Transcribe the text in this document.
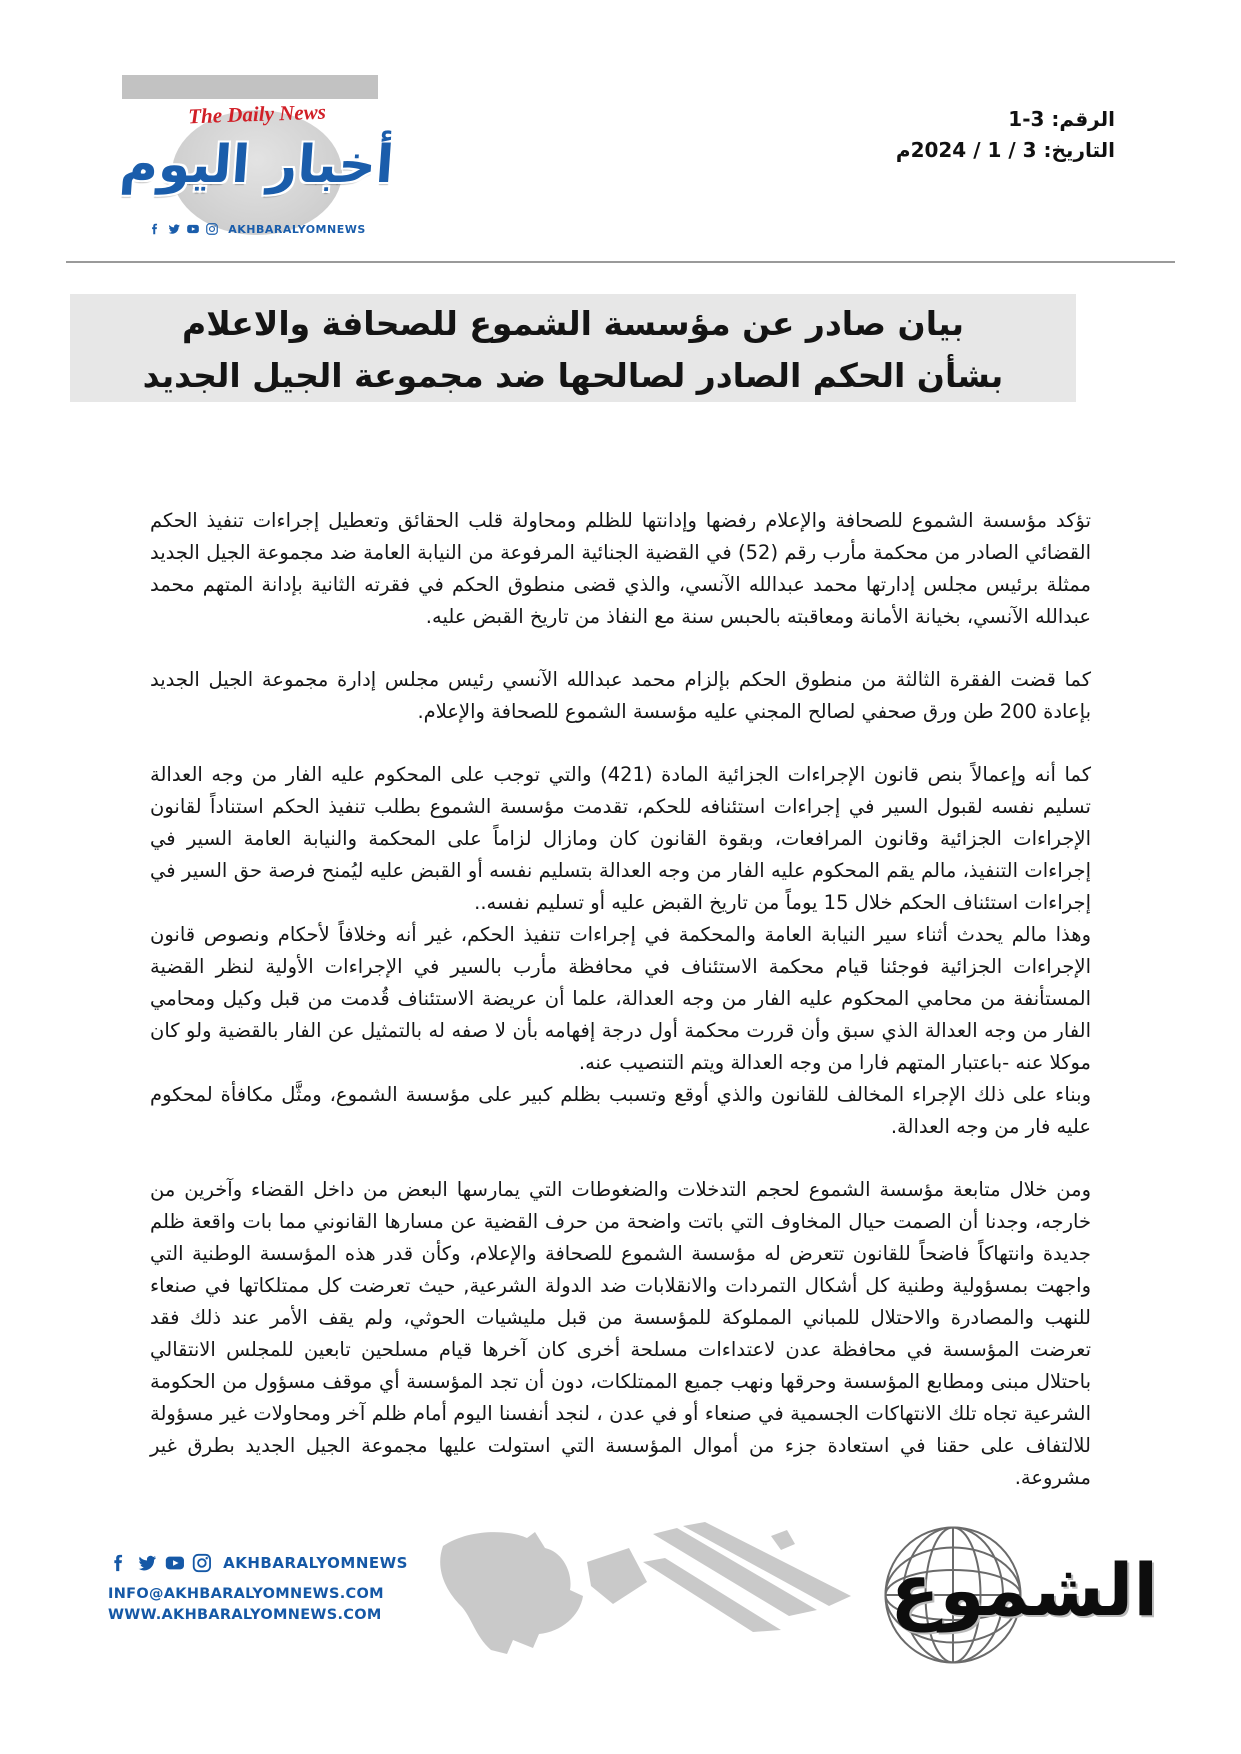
The Daily News
أخبار اليوم
AKHBARALYOMNEWS
الرقم: 3-1
التاريخ: 3 / 1 / 2024م
بيان صادر عن مؤسسة الشموع للصحافة والاعلام
بشأن الحكم الصادر لصالحها ضد مجموعة الجيل الجديد

تؤكد مؤسسة الشموع للصحافة والإعلام رفضها وإدانتها للظلم ومحاولة قلب الحقائق وتعطيل إجراءات تنفيذ الحكم القضائي الصادر من محكمة مأرب رقم (52) في القضية الجنائية المرفوعة من النيابة العامة ضد مجموعة الجيل الجديد ممثلة برئيس مجلس إدارتها محمد عبدالله الآنسي، والذي قضى منطوق الحكم في فقرته الثانية بإدانة المتهم محمد عبدالله الآنسي، بخيانة الأمانة ومعاقبته بالحبس سنة مع النفاذ من تاريخ القبض عليه.

كما قضت الفقرة الثالثة من منطوق الحكم بإلزام محمد عبدالله الآنسي رئيس مجلس إدارة مجموعة الجيل الجديد بإعادة 200 طن ورق صحفي لصالح المجني عليه مؤسسة الشموع للصحافة والإعلام.

كما أنه وإعمالاً بنص قانون الإجراءات الجزائية المادة (421) والتي توجب على المحكوم عليه الفار من وجه العدالة تسليم نفسه لقبول السير في إجراءات استئنافه للحكم، تقدمت مؤسسة الشموع بطلب تنفيذ الحكم استناداً لقانون الإجراءات الجزائية وقانون المرافعات، وبقوة القانون كان ومازال لزاماً على المحكمة والنيابة العامة السير في إجراءات التنفيذ، مالم يقم المحكوم عليه الفار من وجه العدالة بتسليم نفسه أو القبض عليه ليُمنح فرصة حق السير في إجراءات استئناف الحكم خلال 15 يوماً من تاريخ القبض عليه أو تسليم نفسه..

وهذا مالم يحدث أثناء سير النيابة العامة والمحكمة في إجراءات تنفيذ الحكم، غير أنه وخلافاً لأحكام ونصوص قانون الإجراءات الجزائية فوجئنا قيام محكمة الاستئناف في محافظة مأرب بالسير في الإجراءات الأولية لنظر القضية المستأنفة من محامي المحكوم عليه الفار من وجه العدالة، علما أن عريضة الاستئناف قُدمت من قبل وكيل ومحامي الفار من وجه العدالة الذي سبق وأن قررت محكمة أول درجة إفهامه بأن لا صفه له بالتمثيل عن الفار بالقضية ولو كان موكلا عنه -باعتبار المتهم فارا من وجه العدالة ويتم التنصيب عنه.

وبناء على ذلك الإجراء المخالف للقانون والذي أوقع وتسبب بظلم كبير على مؤسسة الشموع، ومثَّل مكافأة لمحكوم عليه فار من وجه العدالة.

ومن خلال متابعة مؤسسة الشموع لحجم التدخلات والضغوطات التي يمارسها البعض من داخل القضاء وآخرين من خارجه، وجدنا أن الصمت حيال المخاوف التي باتت واضحة من حرف القضية عن مسارها القانوني مما بات واقعة ظلم جديدة وانتهاكاً فاضحاً للقانون تتعرض له مؤسسة الشموع للصحافة والإعلام، وكأن قدر هذه المؤسسة الوطنية التي واجهت بمسؤولية وطنية كل أشكال التمردات والانقلابات ضد الدولة الشرعية, حيث تعرضت كل ممتلكاتها في صنعاء للنهب والمصادرة والاحتلال للمباني المملوكة للمؤسسة من قبل مليشيات الحوثي، ولم يقف الأمر عند ذلك فقد تعرضت المؤسسة في محافظة عدن لاعتداءات مسلحة أخرى كان آخرها قيام مسلحين تابعين للمجلس الانتقالي باحتلال مبنى ومطابع المؤسسة وحرقها ونهب جميع الممتلكات، دون أن تجد المؤسسة أي موقف مسؤول من الحكومة الشرعية تجاه تلك الانتهاكات الجسمية في صنعاء أو في عدن ، لنجد أنفسنا اليوم أمام ظلم آخر ومحاولات غير مسؤولة للالتفاف على حقنا في استعادة جزء من أموال المؤسسة التي استولت عليها مجموعة الجيل الجديد بطرق غير مشروعة.

AKHBARALYOMNEWS
INFO@AKHBARALYOMNEWS.COM
WWW.AKHBARALYOMNEWS.COM	الشموع
